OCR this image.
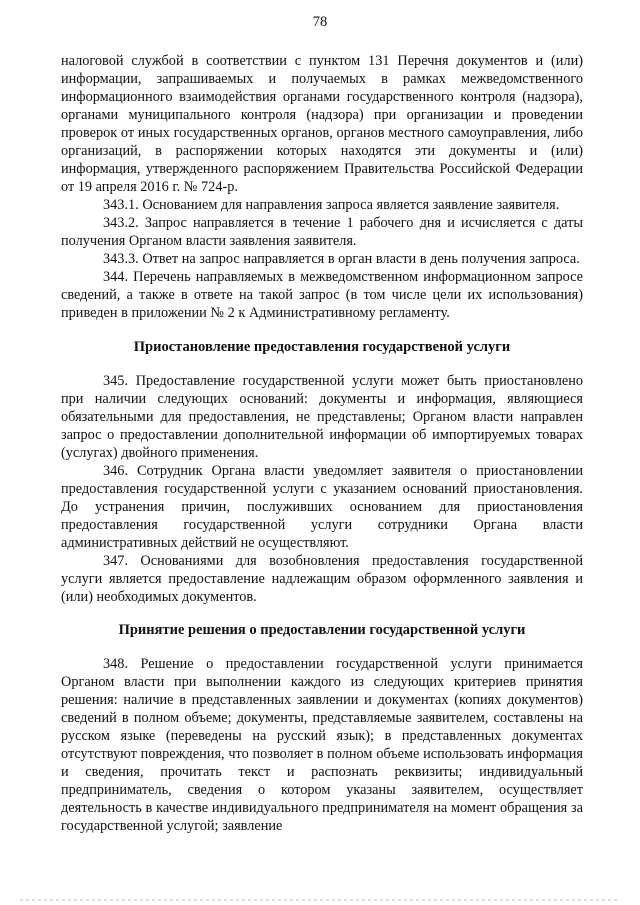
78

налоговой службой в соответствии с пунктом 131 Перечня документов и (или) информации, запрашиваемых и получаемых в рамках межведомственного информационного взаимодействия органами государственного контроля (надзора), органами муниципального контроля (надзора) при организации и проведении проверок от иных государственных органов, органов местного самоуправления, либо организаций, в распоряжении которых находятся эти документы и (или) информация, утвержденного распоряжением Правительства Российской Федерации от 19 апреля 2016 г. № 724-р.

343.1. Основанием для направления запроса является заявление заявителя.

343.2. Запрос направляется в течение 1 рабочего дня и исчисляется с даты получения Органом власти заявления заявителя.

343.3. Ответ на запрос направляется в орган власти в день получения запроса.

344. Перечень направляемых в межведомственном информационном запросе сведений, а также в ответе на такой запрос (в том числе цели их использования) приведен в приложении № 2 к Административному регламенту.

Приостановление предоставления государственой услуги

345. Предоставление государственной услуги может быть приостановлено при наличии следующих оснований: документы и информация, являющиеся обязательными для предоставления, не представлены; Органом власти направлен запрос о предоставлении дополнительной информации об импортируемых товарах (услугах) двойного применения.

346. Сотрудник Органа власти уведомляет заявителя о приостановлении предоставления государственной услуги с указанием оснований приостановления. До устранения причин, послуживших основанием для приостановления предоставления государственной услуги сотрудники Органа власти административных действий не осуществляют.

347. Основаниями для возобновления предоставления государственной услуги является предоставление надлежащим образом оформленного заявления и (или) необходимых документов.

Принятие решения о предоставлении государственной услуги

348. Решение о предоставлении государственной услуги принимается Органом власти при выполнении каждого из следующих критериев принятия решения: наличие в представленных заявлении и документах (копиях документов) сведений в полном объеме; документы, представляемые заявителем, составлены на русском языке (переведены на русский язык); в представленных документах отсутствуют повреждения, что позволяет в полном объеме использовать информация и сведения, прочитать текст и распознать реквизиты; индивидуальный предприниматель, сведения о котором указаны заявителем, осуществляет деятельность в качестве индивидуального предпринимателя на момент обращения за государственной услугой; заявление
